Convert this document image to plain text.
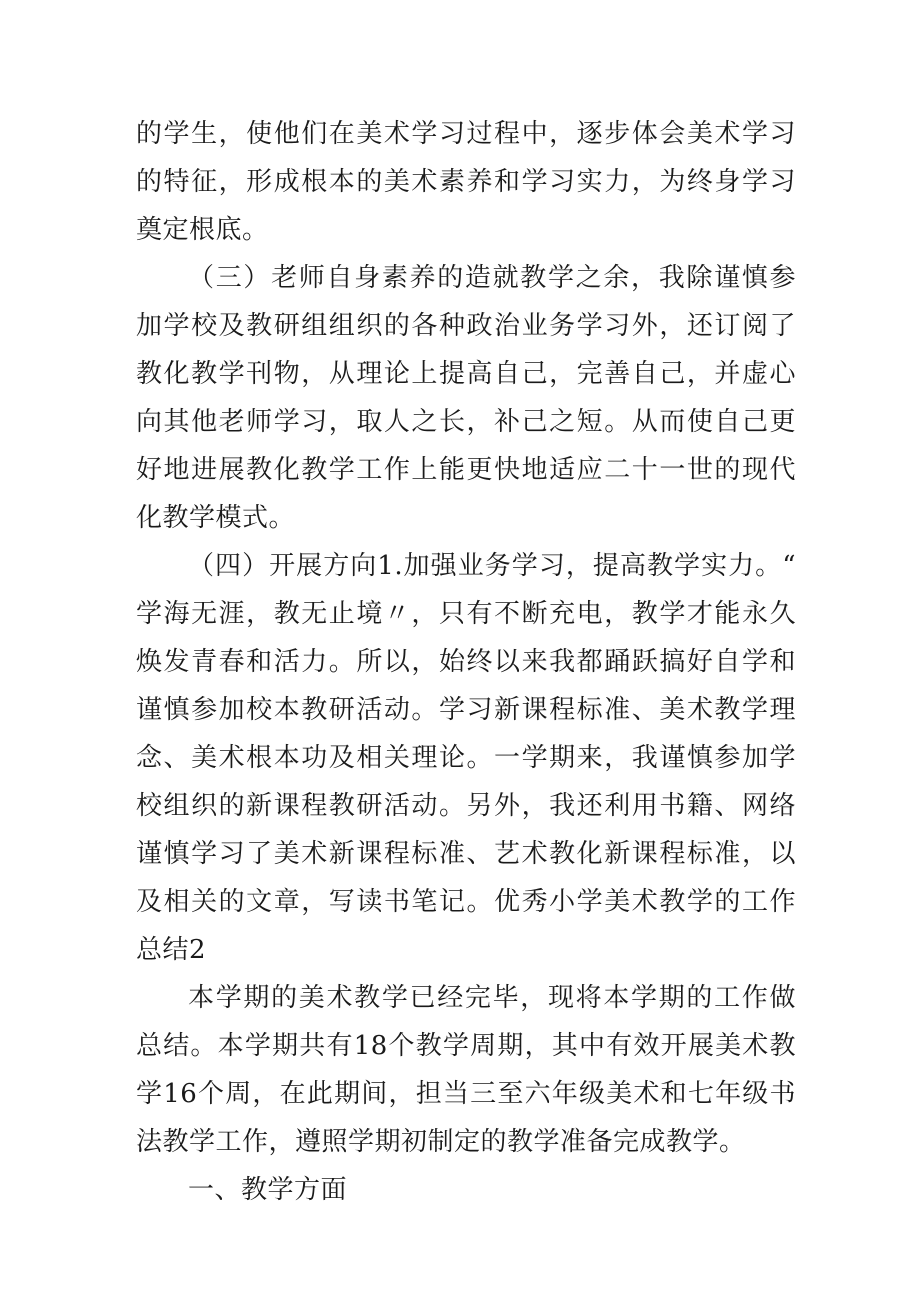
的学生，使他们在美术学习过程中，逐步体会美术学习的特征，形成根本的美术素养和学习实力，为终身学习奠定根底。

（三）老师自身素养的造就教学之余，我除谨慎参加学校及教研组组织的各种政治业务学习外，还订阅了教化教学刊物，从理论上提高自己，完善自己，并虚心向其他老师学习，取人之长，补己之短。从而使自己更好地进展教化教学工作上能更快地适应二十一世的现代化教学模式。

（四）开展方向1.加强业务学习，提高教学实力。“学海无涯，教无止境〃，只有不断充电，教学才能永久焕发青春和活力。所以，始终以来我都踊跃搞好自学和谨慎参加校本教研活动。学习新课程标准、美术教学理念、美术根本功及相关理论。一学期来，我谨慎参加学校组织的新课程教研活动。另外，我还利用书籍、网络谨慎学习了美术新课程标准、艺术教化新课程标准，以及相关的文章，写读书笔记。优秀小学美术教学的工作总结2

本学期的美术教学已经完毕，现将本学期的工作做总结。本学期共有18个教学周期，其中有效开展美术教学16个周，在此期间，担当三至六年级美术和七年级书法教学工作，遵照学期初制定的教学准备完成教学。

一、教学方面
